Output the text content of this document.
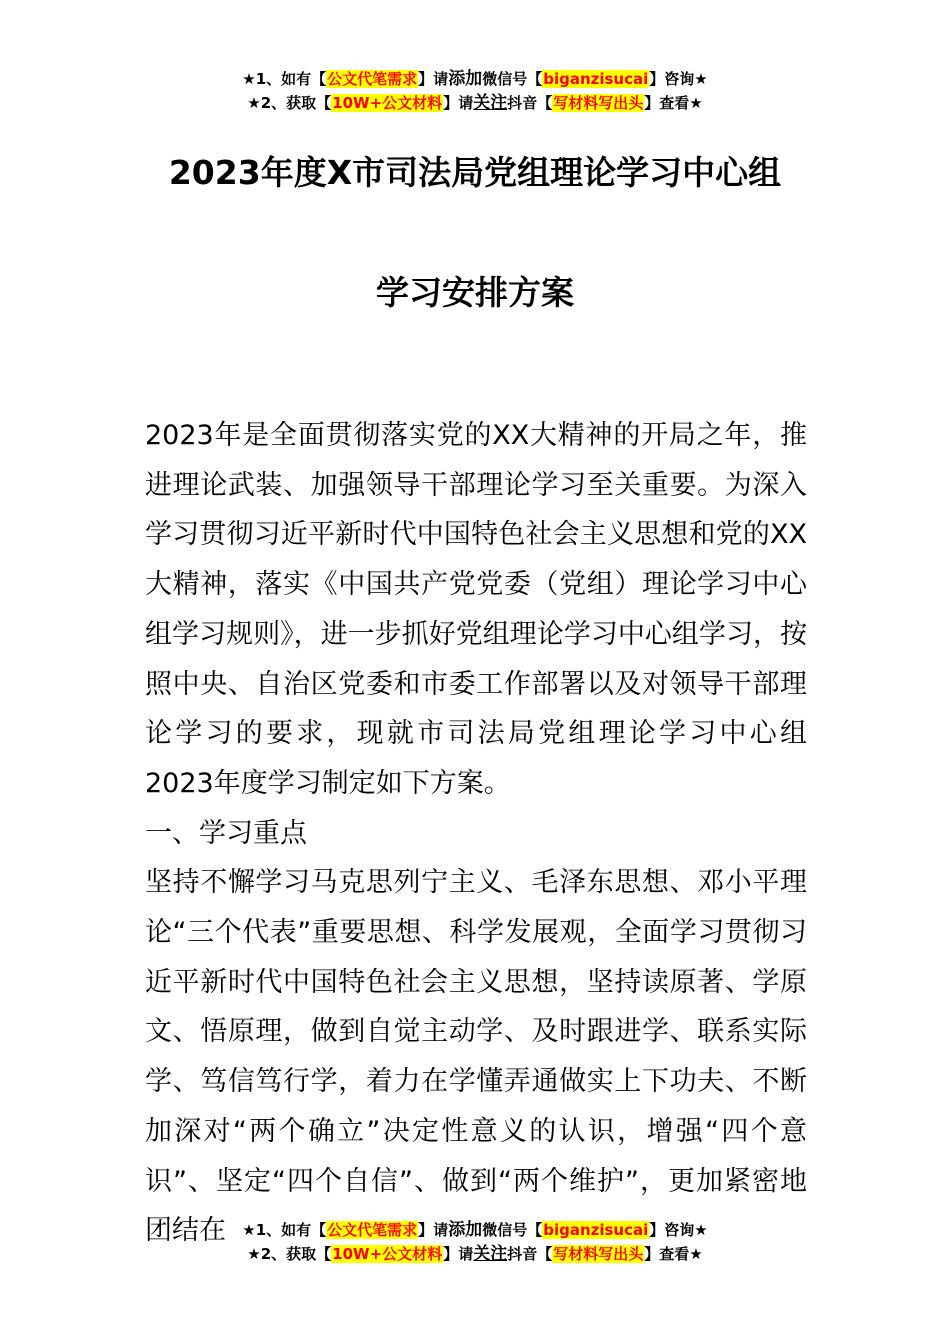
★1、如有【公文代笔需求】请添加微信号【biganzisucai】咨询★
★2、获取【10W+公文材料】请关注抖音【写材料写出头】查看★
2023年度X市司法局党组理论学习中心组
学习安排方案

2023年是全面贯彻落实党的XX大精神的开局之年，推进理论武装、加强领导干部理论学习至关重要。为深入学习贯彻习近平新时代中国特色社会主义思想和党的XX大精神，落实《中国共产党党委（党组）理论学习中心组学习规则》，进一步抓好党组理论学习中心组学习，按照中央、自治区党委和市委工作部署以及对领导干部理论学习的要求，现就市司法局党组理论学习中心组2023年度学习制定如下方案。

一、学习重点

坚持不懈学习马克思列宁主义、毛泽东思想、邓小平理论“三个代表”重要思想、科学发展观，全面学习贯彻习近平新时代中国特色社会主义思想，坚持读原著、学原文、悟原理，做到自觉主动学、及时跟进学、联系实际学、笃信笃行学，着力在学懂弄通做实上下功夫、不断加深对“两个确立”决定性意义的认识，增强“四个意识”、坚定“四个自信”、做到“两个维护”，更加紧密地团结在	★1、如有【公文代笔需求】请添加微信号【biganzisucai】咨询★
★2、获取【10W+公文材料】请关注抖音【写材料写出头】查看★
